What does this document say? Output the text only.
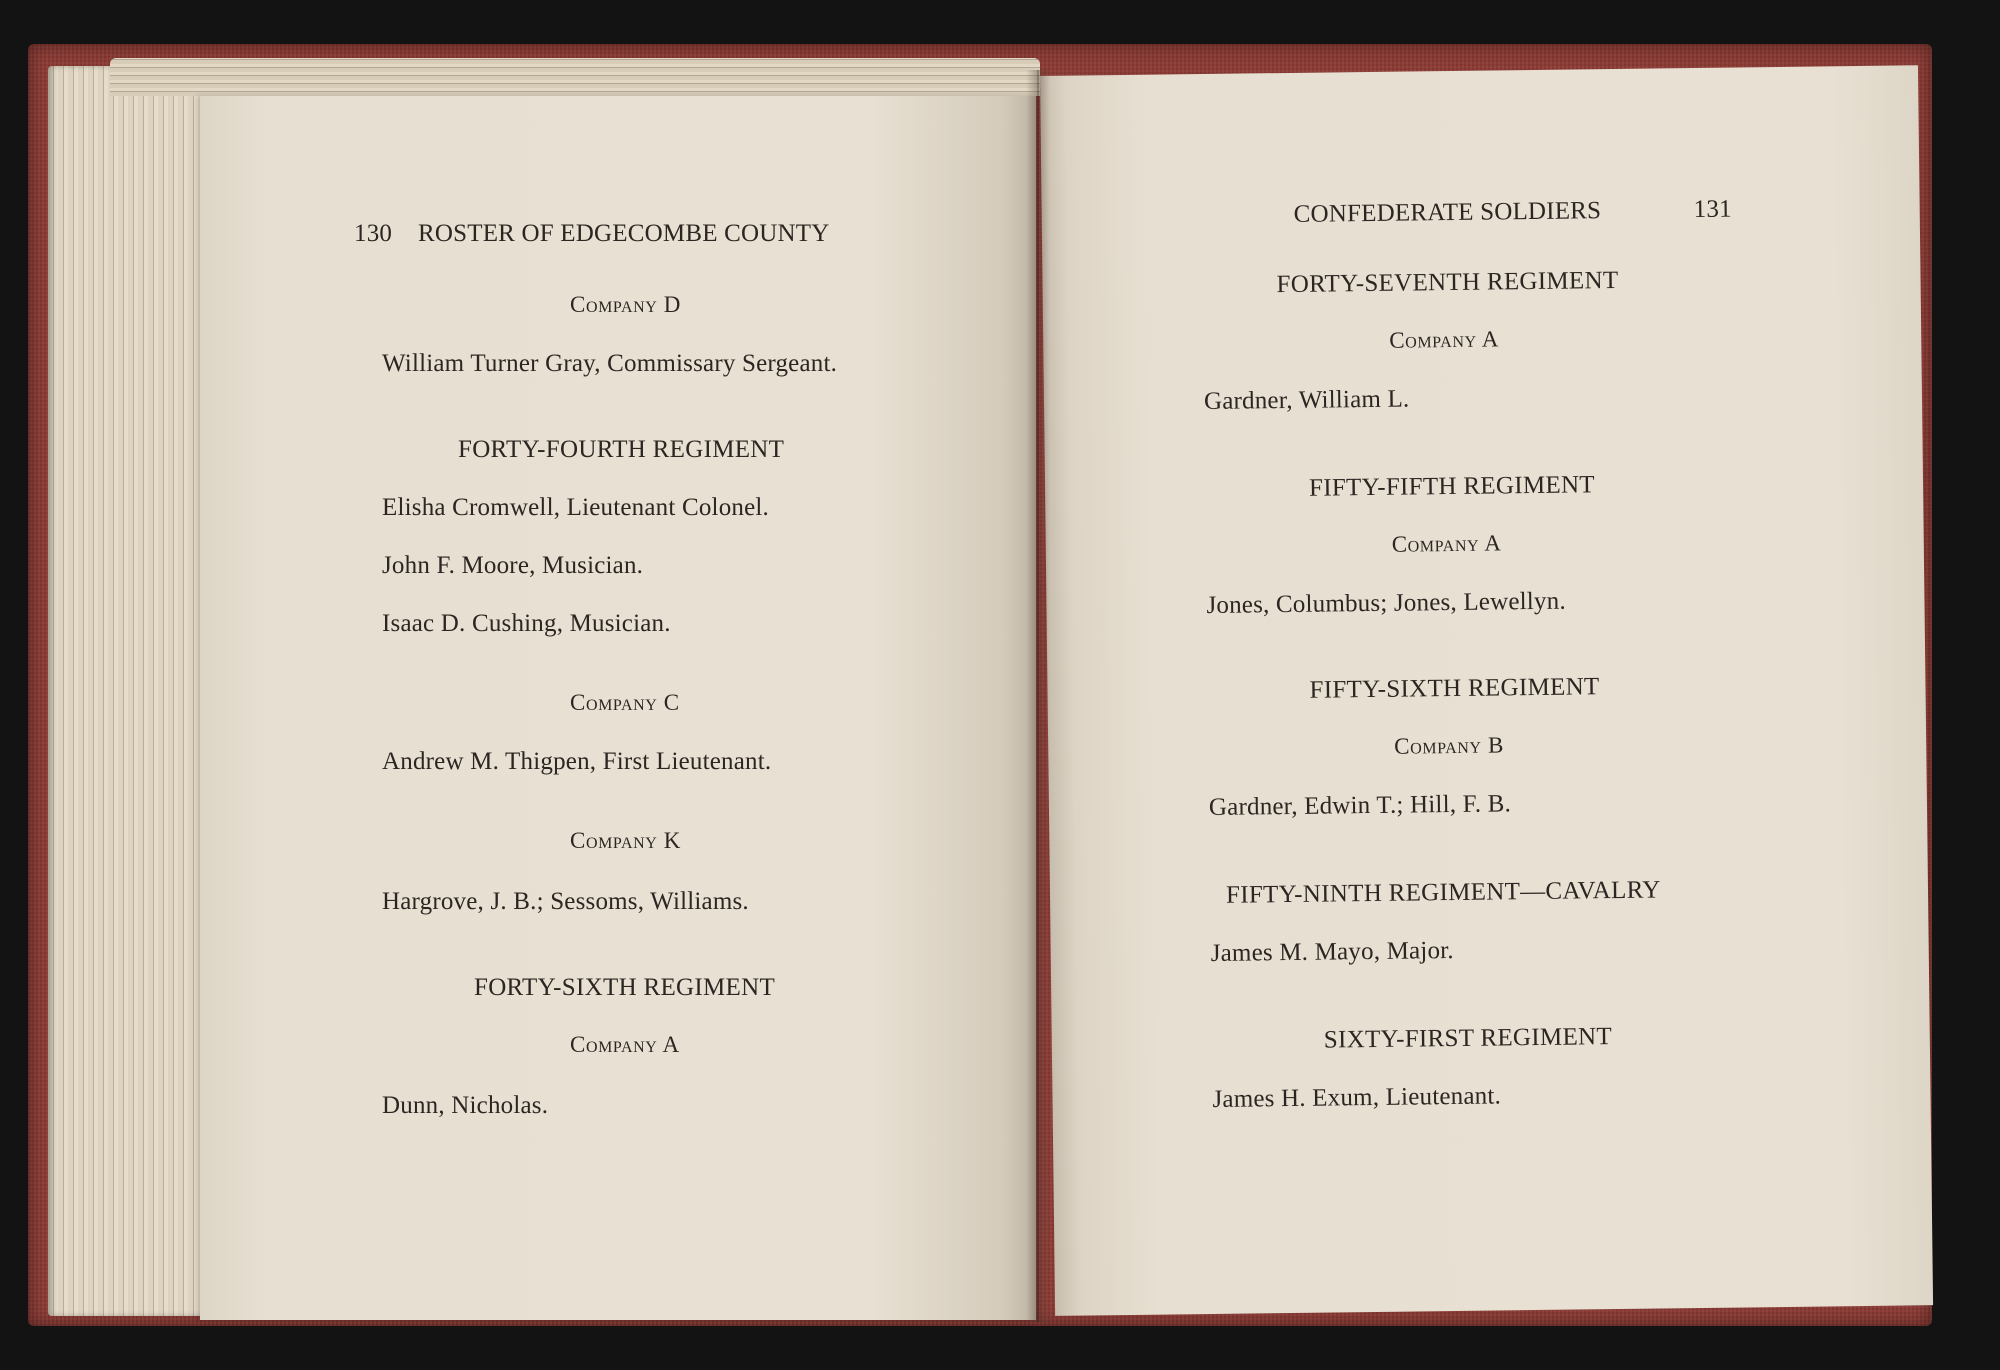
130 ROSTER OF EDGECOMBE COUNTY
Company D
William Turner Gray, Commissary Sergeant.
FORTY-FOURTH REGIMENT
Elisha Cromwell, Lieutenant Colonel.
John F. Moore, Musician.
Isaac D. Cushing, Musician.
Company C
Andrew M. Thigpen, First Lieutenant.
Company K
Hargrove, J. B.; Sessoms, Williams.
FORTY-SIXTH REGIMENT
Company A
Dunn, Nicholas.
CONFEDERATE SOLDIERS	131
FORTY-SEVENTH REGIMENT
Company A
Gardner, William L.
FIFTY-FIFTH REGIMENT
Company A
Jones, Columbus; Jones, Lewellyn.
FIFTY-SIXTH REGIMENT
Company B
Gardner, Edwin T.; Hill, F. B.
FIFTY-NINTH REGIMENT—CAVALRY
James M. Mayo, Major.
SIXTY-FIRST REGIMENT
James H. Exum, Lieutenant.
